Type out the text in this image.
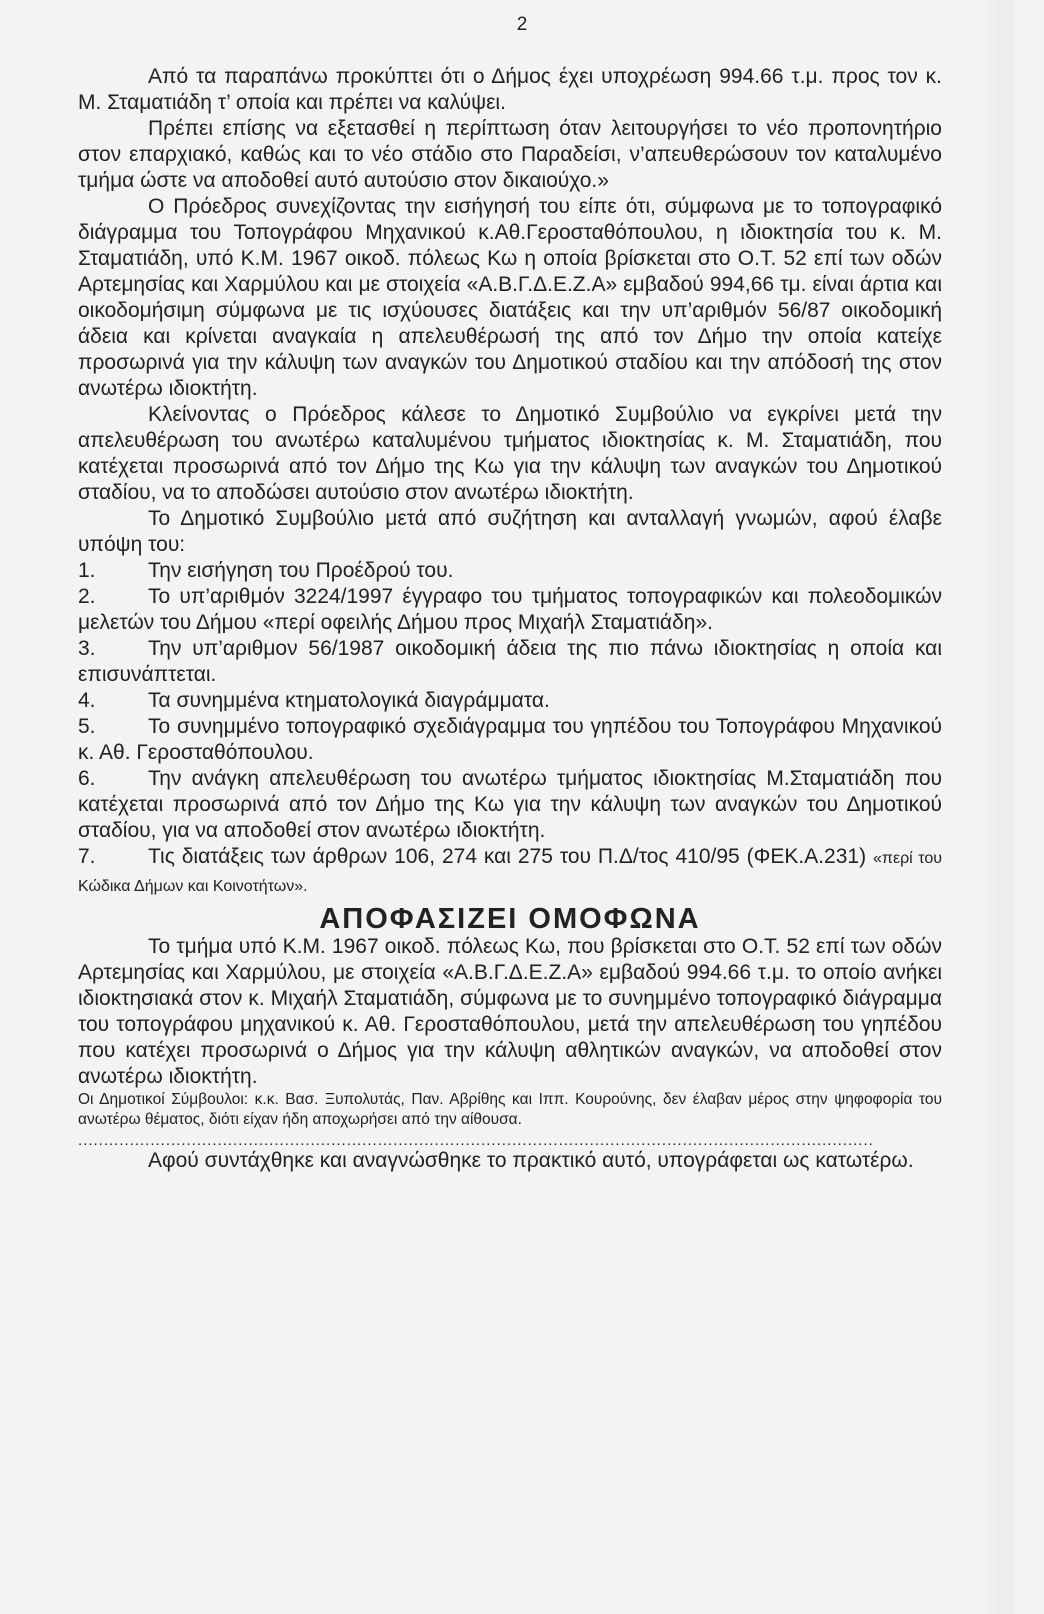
2

Από τα παραπάνω προκύπτει ότι ο Δήμος έχει υποχρέωση 994.66 τ.μ. προς τον κ. Μ. Σταματιάδη τ’ οποία και πρέπει να καλύψει.

Πρέπει επίσης να εξετασθεί η περίπτωση όταν λειτουργήσει το νέο προπονητήριο στον επαρχιακό, καθώς και το νέο στάδιο στο Παραδείσι, ν’απευθερώσουν τον καταλυμένο τμήμα ώστε να αποδοθεί αυτό αυτούσιο στον δικαιούχο.»

Ο Πρόεδρος συνεχίζοντας την εισήγησή του είπε ότι, σύμφωνα με το τοπογραφικό διάγραμμα του Τοπογράφου Μηχανικού κ.Αθ.Γεροσταθόπουλου, η ιδιοκτησία του κ. Μ. Σταματιάδη, υπό Κ.Μ. 1967 οικοδ. πόλεως Κω η οποία βρίσκεται στο Ο.Τ. 52 επί των οδών Αρτεμησίας και Χαρμύλου και με στοιχεία «Α.Β.Γ.Δ.Ε.Ζ.Α» εμβαδού 994,66 τμ. είναι άρτια και οικοδομήσιμη σύμφωνα με τις ισχύουσες διατάξεις και την υπ’αριθμόν 56/87 οικοδομική άδεια και κρίνεται αναγκαία η απελευθέρωσή της από τον Δήμο την οποία κατείχε προσωρινά για την κάλυψη των αναγκών του Δημοτικού σταδίου και την απόδοσή της στον ανωτέρω ιδιοκτήτη.

Κλείνοντας ο Πρόεδρος κάλεσε το Δημοτικό Συμβούλιο να εγκρίνει μετά την απελευθέρωση του ανωτέρω καταλυμένου τμήματος ιδιοκτησίας κ. Μ. Σταματιάδη, που κατέχεται προσωρινά από τον Δήμο της Κω για την κάλυψη των αναγκών του Δημοτικού σταδίου, να το αποδώσει αυτούσιο στον ανωτέρω ιδιοκτήτη.

Το Δημοτικό Συμβούλιο μετά από συζήτηση και ανταλλαγή γνωμών, αφού έλαβε υπόψη του:

1. Την εισήγηση του Προέδρού του.
2. Το υπ’αριθμόν 3224/1997 έγγραφο του τμήματος τοπογραφικών και πολεοδομικών μελετών του Δήμου «περί οφειλής Δήμου προς Μιχαήλ Σταματιάδη».
3. Την υπ’αριθμον 56/1987 οικοδομική άδεια της πιο πάνω ιδιοκτησίας η οποία και επισυνάπτεται.
4. Τα συνημμένα κτηματολογικά διαγράμματα.
5. Το συνημμένο τοπογραφικό σχεδιάγραμμα του γηπέδου του Τοπογράφου Μηχανικού κ. Αθ. Γεροσταθόπουλου.
6. Την ανάγκη απελευθέρωση του ανωτέρω τμήματος ιδιοκτησίας Μ.Σταματιάδη που κατέχεται προσωρινά από τον Δήμο της Κω για την κάλυψη των αναγκών του Δημοτικού σταδίου, για να αποδοθεί στον ανωτέρω ιδιοκτήτη.
7. Τις διατάξεις των άρθρων 106, 274 και 275 του Π.Δ/τος 410/95 (ΦΕΚ.Α.231) «περί του Κώδικα Δήμων και Κοινοτήτων».
ΑΠΟΦΑΣΙΖΕΙ ΟΜΟΦΩΝΑ

Το τμήμα υπό Κ.Μ. 1967 οικοδ. πόλεως Κω, που βρίσκεται στο Ο.Τ. 52 επί των οδών Αρτεμησίας και Χαρμύλου, με στοιχεία «Α.Β.Γ.Δ.Ε.Ζ.Α» εμβαδού 994.66 τ.μ. το οποίο ανήκει ιδιοκτησιακά στον κ. Μιχαήλ Σταματιάδη, σύμφωνα με το συνημμένο τοπογραφικό διάγραμμα του τοπογράφου μηχανικού κ. Αθ. Γεροσταθόπουλου, μετά την απελευθέρωση του γηπέδου που κατέχει προσωρινά ο Δήμος για την κάλυψη αθλητικών αναγκών, να αποδοθεί στον ανωτέρω ιδιοκτήτη.

Οι Δημοτικοί Σύμβουλοι: κ.κ. Βασ. Ξυπολυτάς, Παν. Αβρίθης και Ιππ. Κουρούνης, δεν έλαβαν μέρος στην ψηφοφορία του ανωτέρω θέματος, διότι είχαν ήδη αποχωρήσει από την αίθουσα.

..........................................................................................................................................................

Αφού συντάχθηκε και αναγνώσθηκε το πρακτικό αυτό, υπογράφεται ως κατωτέρω.
